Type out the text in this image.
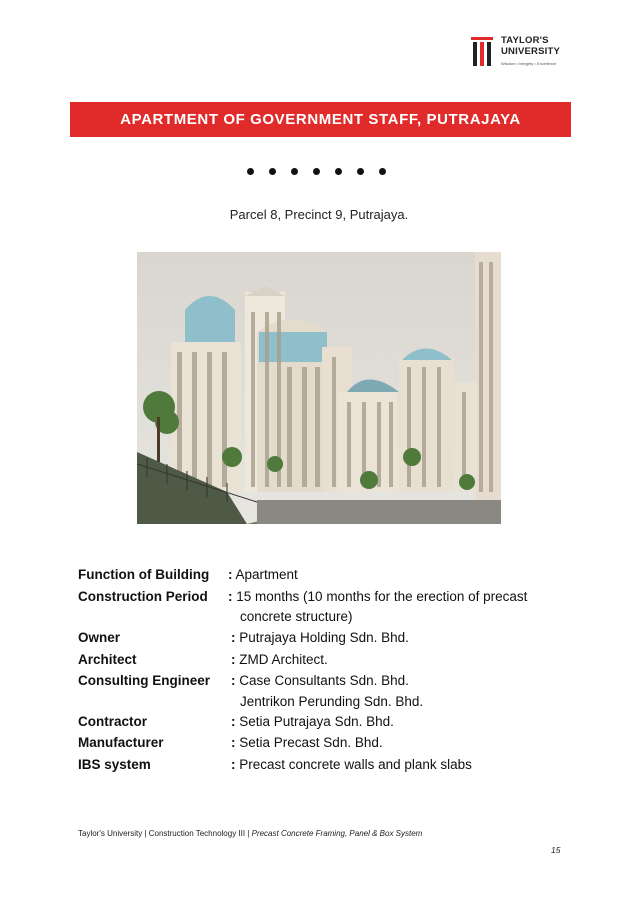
TAYLOR'S
UNIVERSITY
Wisdom • Integrity • Excellence
APARTMENT OF GOVERNMENT STAFF, PUTRAJAYA
Parcel 8, Precinct 9, Putrajaya.
Function of Building : Apartment
Construction Period : 15 months (10 months for the erection of precast
concrete structure)
Owner	: Putrajaya Holding Sdn. Bhd.
Architect	: ZMD Architect.
Consulting Engineer : Case Consultants Sdn. Bhd.
Jentrikon Perunding Sdn. Bhd.
Contractor	: Setia Putrajaya Sdn. Bhd.
Manufacturer	: Setia Precast Sdn. Bhd.
IBS system	: Precast concrete walls and plank slabs
Taylor's University | Construction Technology III | Precast Concrete Framing, Panel & Box System
15
